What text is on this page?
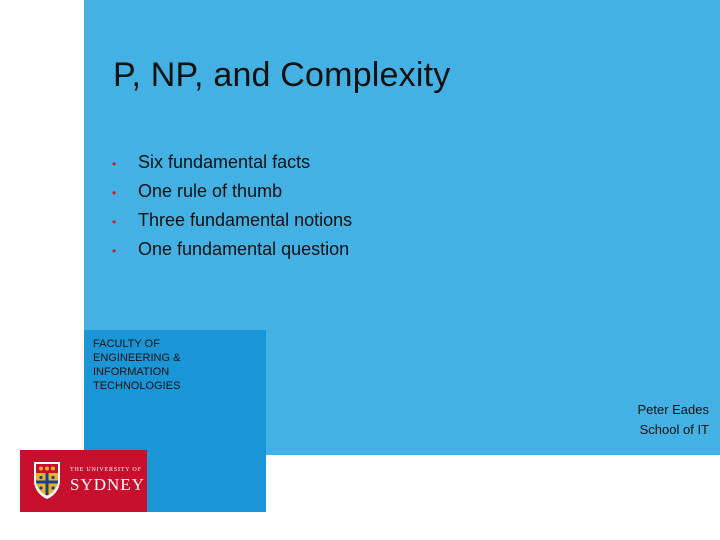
P, NP, and Complexity
•	Six fundamental facts
•	One rule of thumb
•	Three fundamental notions
•	One fundamental question
FACULTY OF
ENGINEERING &
INFORMATION
TECHNOLOGIES
Peter Eades
School of IT
THE UNIVERSITY OF
SYDNEY
